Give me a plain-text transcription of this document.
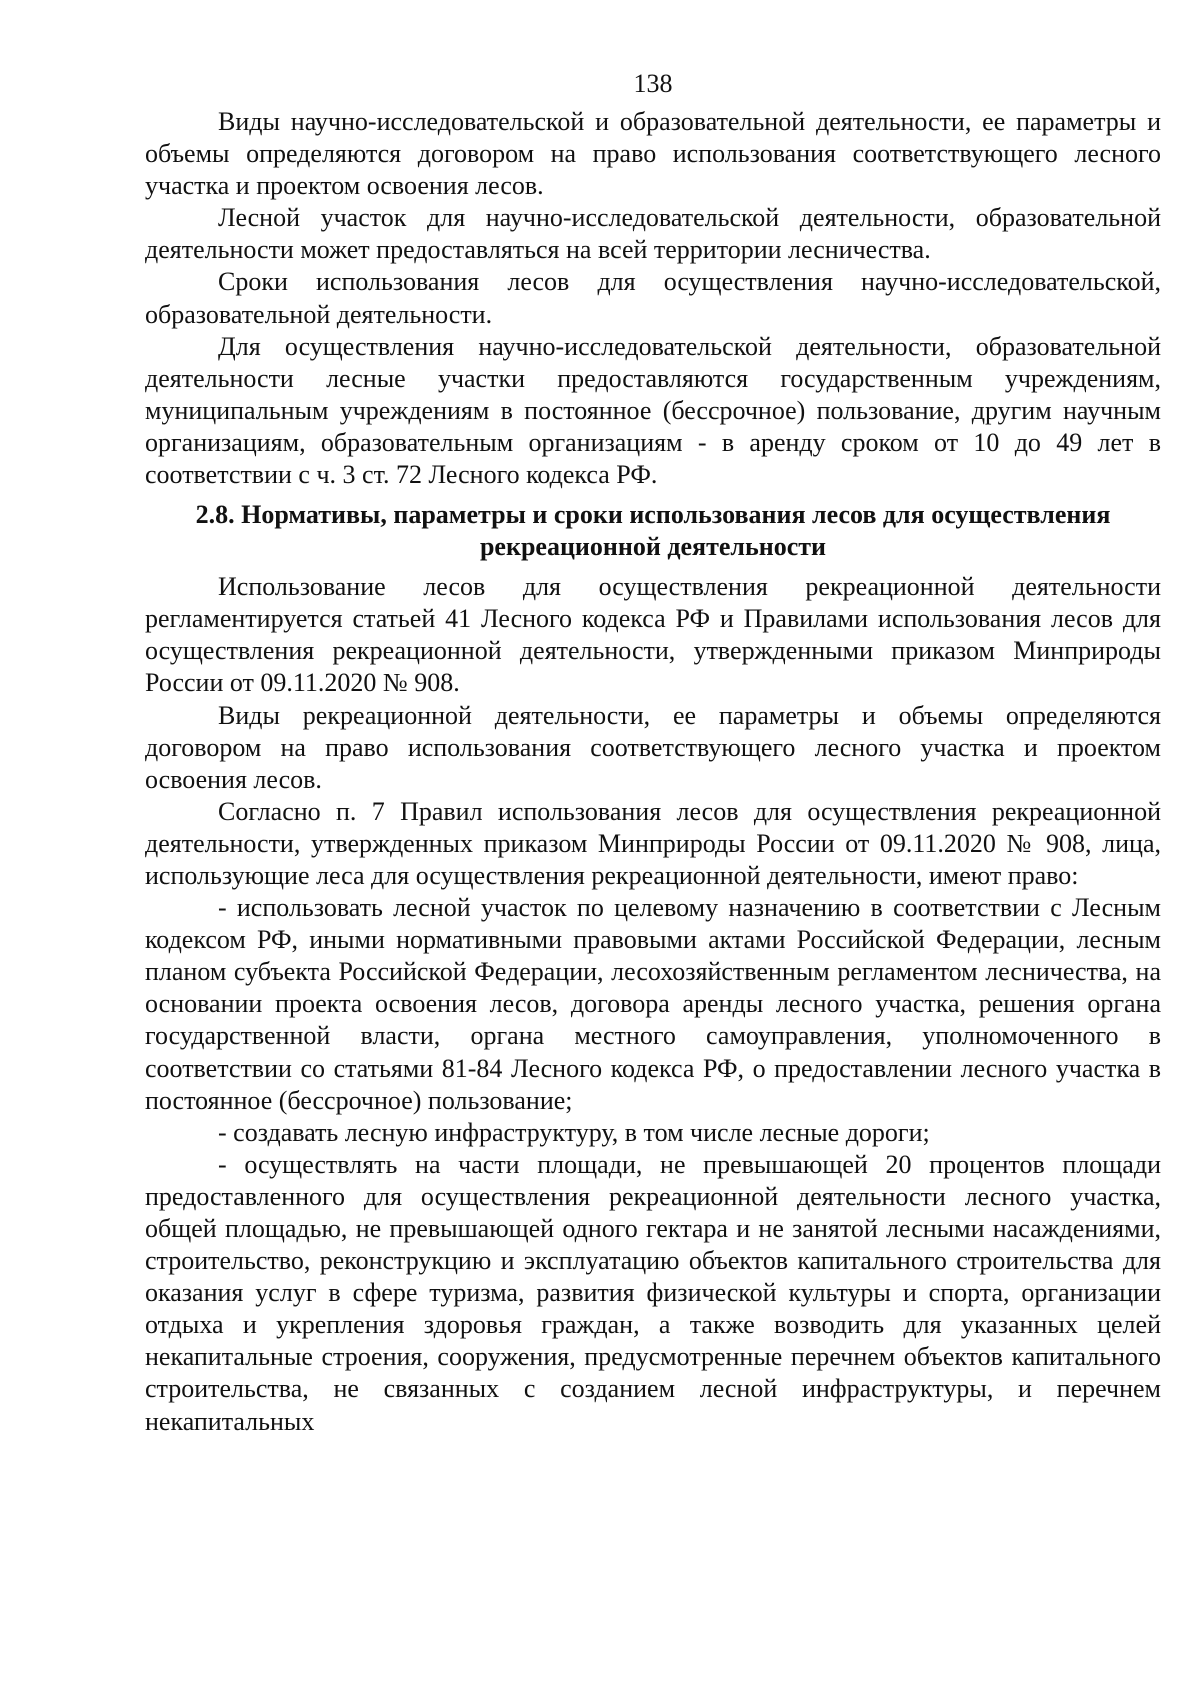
138

Виды научно-исследовательской и образовательной деятельности, ее параметры и объемы определяются договором на право использования соответствующего лесного участка и проектом освоения лесов.

Лесной участок для научно-исследовательской деятельности, образовательной деятельности может предоставляться на всей территории лесничества.

Сроки использования лесов для осуществления научно-исследовательской, образовательной деятельности.

Для осуществления научно-исследовательской деятельности, образовательной деятельности лесные участки предоставляются государственным учреждениям, муниципальным учреждениям в постоянное (бессрочное) пользование, другим научным организациям, образовательным организациям - в аренду сроком от 10 до 49 лет в соответствии с ч. 3 ст. 72 Лесного кодекса РФ.

2.8. Нормативы, параметры и сроки использования лесов для осуществления
рекреационной деятельности

Использование лесов для осуществления рекреационной деятельности регламентируется статьей 41 Лесного кодекса РФ и Правилами использования лесов для осуществления рекреационной деятельности, утвержденными приказом Минприроды России от 09.11.2020 № 908.

Виды рекреационной деятельности, ее параметры и объемы определяются договором на право использования соответствующего лесного участка и проектом освоения лесов.

Согласно п. 7 Правил использования лесов для осуществления рекреационной деятельности, утвержденных приказом Минприроды России от 09.11.2020 № 908, лица, использующие леса для осуществления рекреационной деятельности, имеют право:

- использовать лесной участок по целевому назначению в соответствии с Лесным кодексом РФ, иными нормативными правовыми актами Российской Федерации, лесным планом субъекта Российской Федерации, лесохозяйственным регламентом лесничества, на основании проекта освоения лесов, договора аренды лесного участка, решения органа государственной власти, органа местного самоуправления, уполномоченного в соответствии со статьями 81-84 Лесного кодекса РФ, о предоставлении лесного участка в постоянное (бессрочное) пользование;

- создавать лесную инфраструктуру, в том числе лесные дороги;

- осуществлять на части площади, не превышающей 20 процентов площади предоставленного для осуществления рекреационной деятельности лесного участка, общей площадью, не превышающей одного гектара и не занятой лесными насаждениями, строительство, реконструкцию и эксплуатацию объектов капитального строительства для оказания услуг в сфере туризма, развития физической культуры и спорта, организации отдыха и укрепления здоровья граждан, а также возводить для указанных целей некапитальные строения, сооружения, предусмотренные перечнем объектов капитального строительства, не связанных с созданием лесной инфраструктуры, и перечнем некапитальных
